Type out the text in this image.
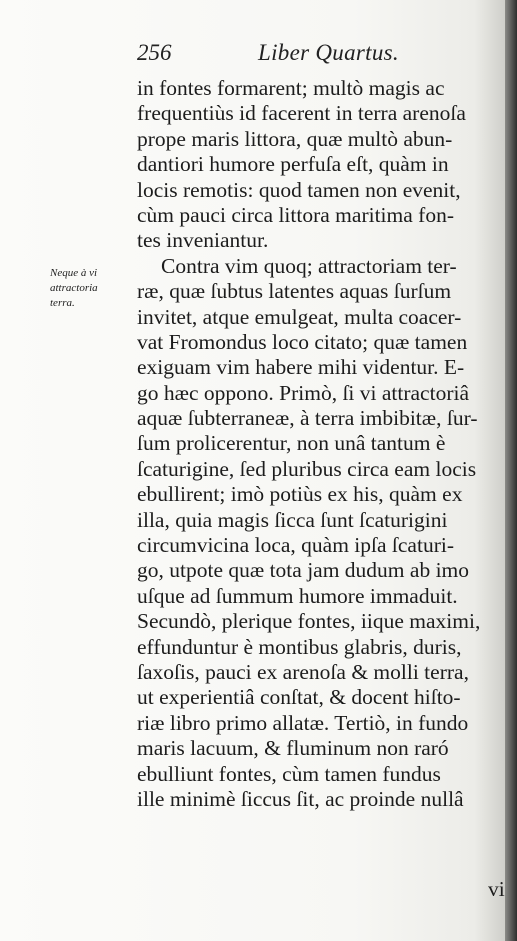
256	Liber Quartus.
Neque à vi
attractoria
terra.
in fontes formarent; multò magis ac
frequentiùs id facerent in terra arenoſa
prope maris littora, quæ multò abun-
dantiori humore perfuſa eſt, quàm in
locis remotis: quod tamen non evenit,
cùm pauci circa littora maritima fon-
tes inveniantur.
Contra vim quoq; attractoriam ter-
ræ, quæ ſubtus latentes aquas ſurſum
invitet, atque emulgeat, multa coacer-
vat Fromondus loco citato; quæ tamen
exiguam vim habere mihi videntur. E-
go hæc oppono. Primò, ſi vi attractoriâ
aquæ ſubterraneæ, à terra imbibitæ, ſur-
ſum prolicerentur, non unâ tantum è
ſcaturigine, ſed pluribus circa eam locis
ebullirent; imò potiùs ex his, quàm ex
illa, quia magis ſicca ſunt ſcaturigini
circumvicina loca, quàm ipſa ſcaturi-
go, utpote quæ tota jam dudum ab imo
uſque ad ſummum humore immaduit.
Secundò, plerique fontes, iique maximi,
effunduntur è montibus glabris, duris,
ſaxoſis, pauci ex arenoſa & molli terra,
ut experientiâ conſtat, & docent hiſto-
riæ libro primo allatæ. Tertiò, in fundo
maris lacuum, & fluminum non raró
ebulliunt fontes, cùm tamen fundus
ille minimè ſiccus ſit, ac proinde nullâ
vi
